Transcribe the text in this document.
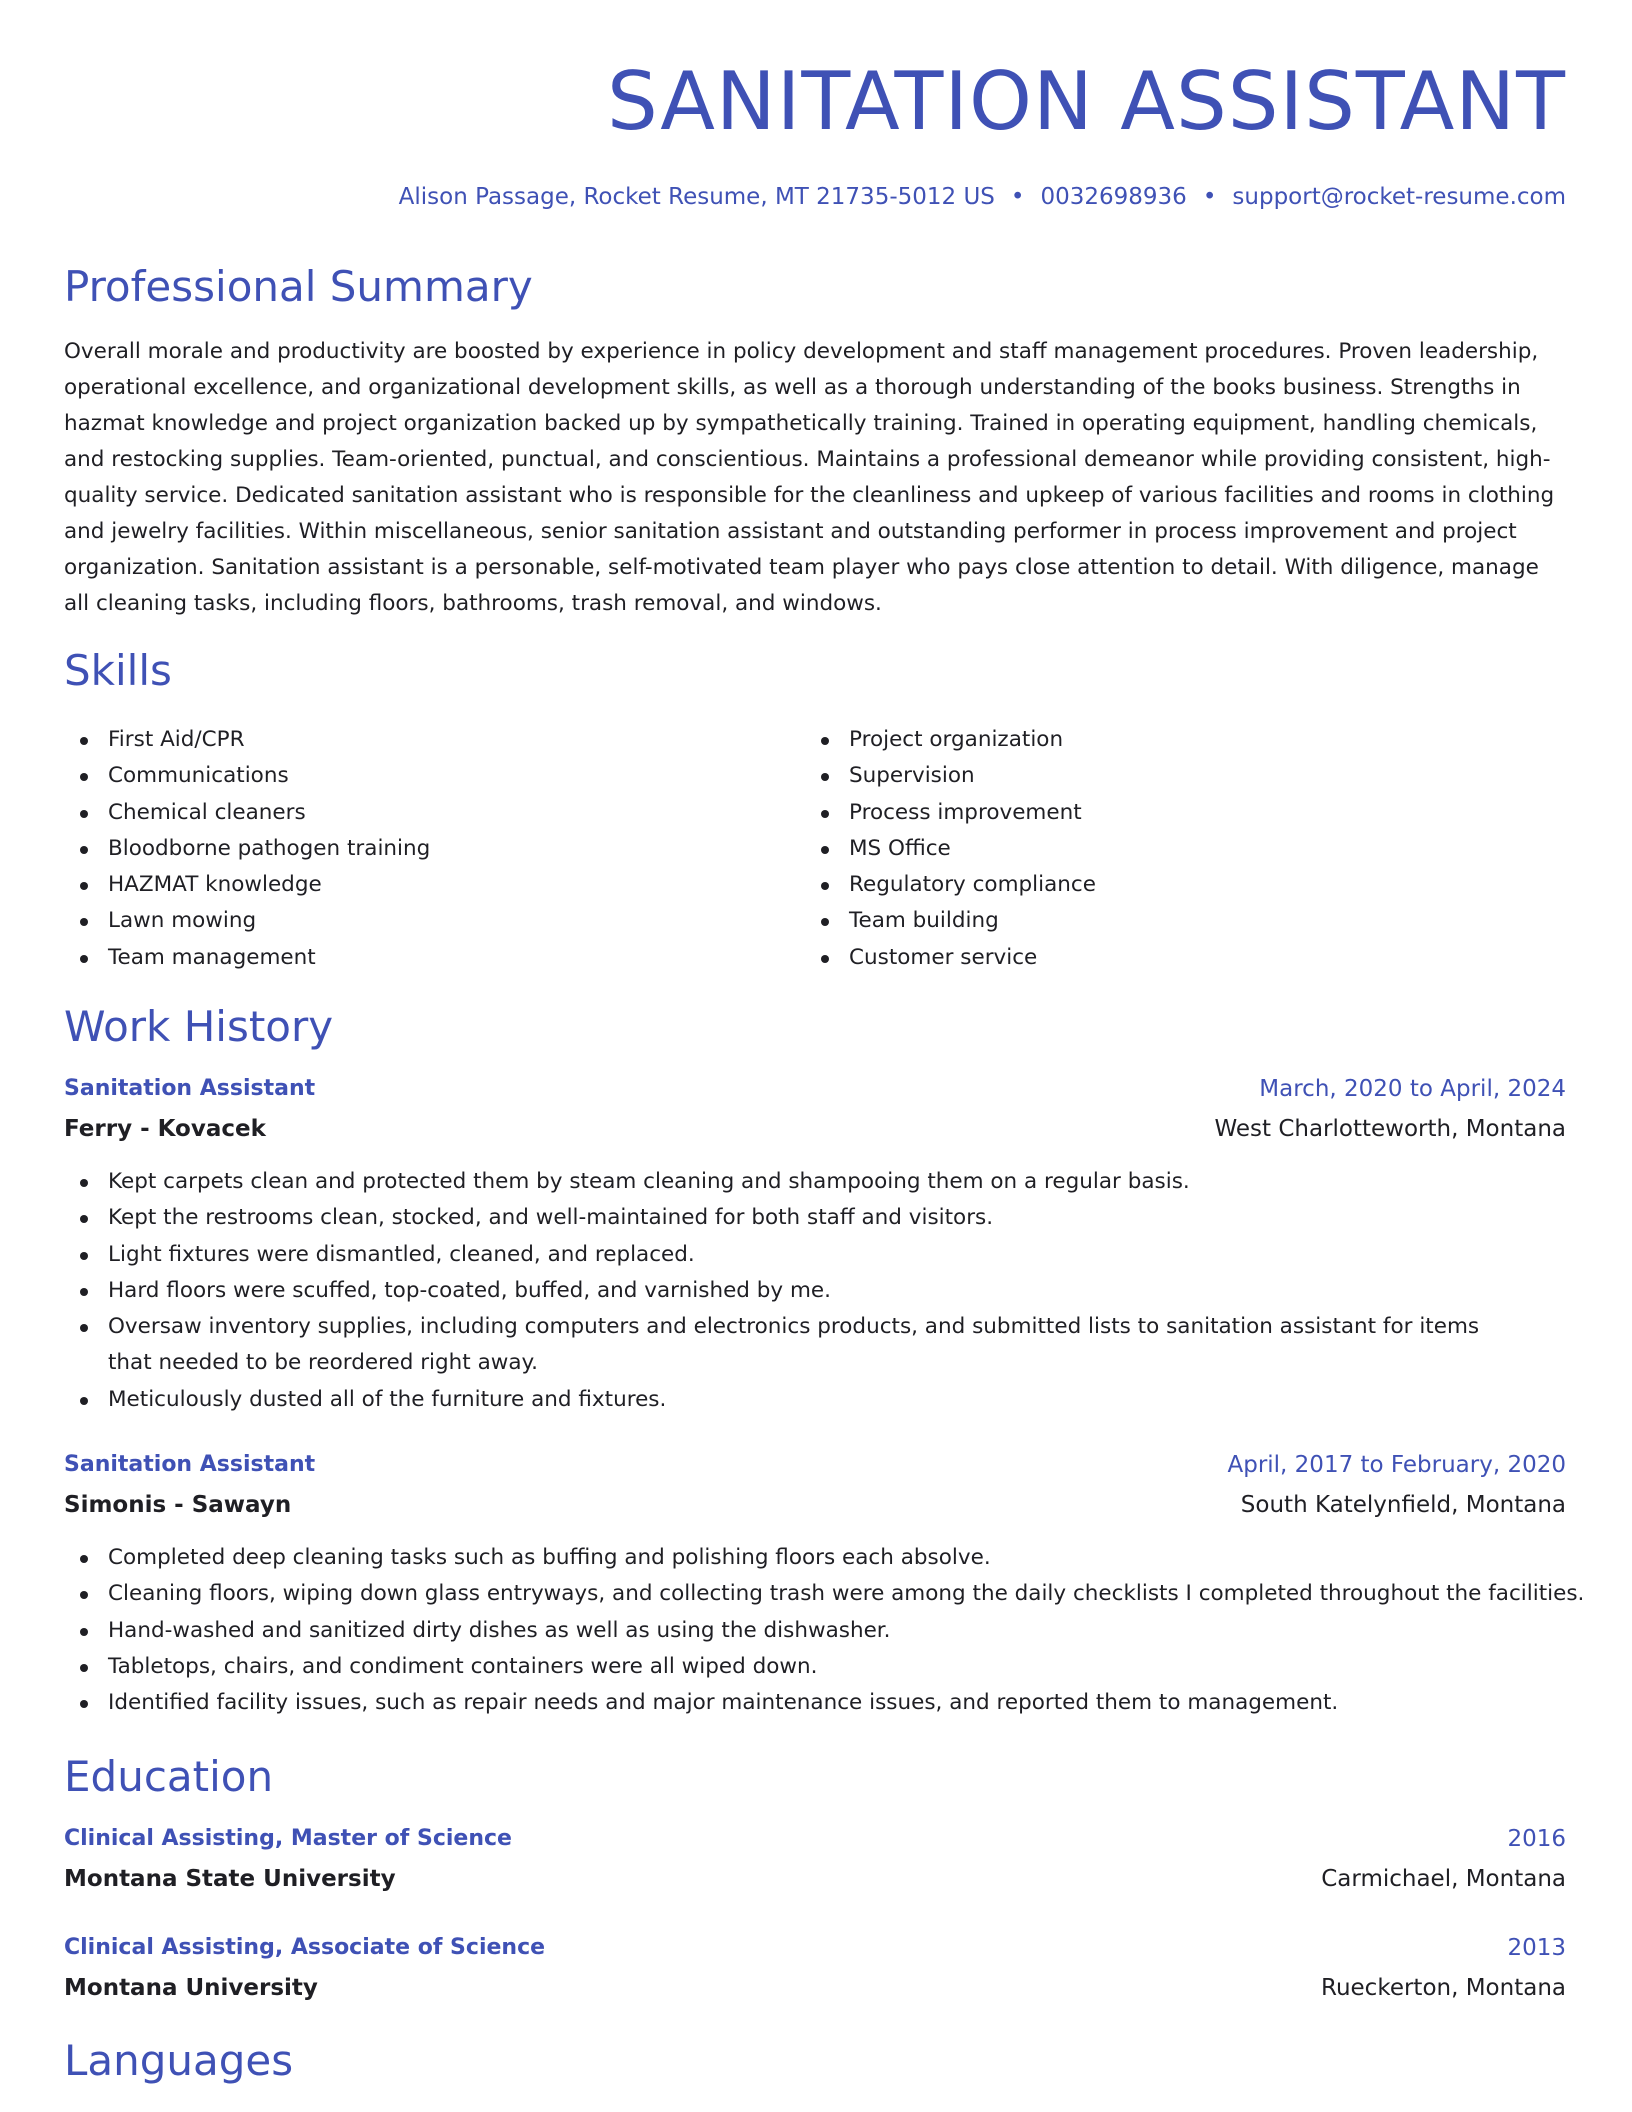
SANITATION ASSISTANT
Alison Passage, Rocket Resume, MT 21735-5012 US • 0032698936 • support@rocket-resume.com
Professional Summary

Overall morale and productivity are boosted by experience in policy development and staff management procedures. Proven leadership, operational excellence, and organizational development skills, as well as a thorough understanding of the books business. Strengths in hazmat knowledge and project organization backed up by sympathetically training. Trained in operating equipment, handling chemicals, and restocking supplies. Team-oriented, punctual, and conscientious. Maintains a professional demeanor while providing consistent, high-quality service. Dedicated sanitation assistant who is responsible for the cleanliness and upkeep of various facilities and rooms in clothing and jewelry facilities. Within miscellaneous, senior sanitation assistant and outstanding performer in process improvement and project organization. Sanitation assistant is a personable, self-motivated team player who pays close attention to detail. With diligence, manage all cleaning tasks, including floors, bathrooms, trash removal, and windows.

Skills
First Aid/CPR
Communications
Chemical cleaners
Bloodborne pathogen training
HAZMAT knowledge
Lawn mowing
Team management
Project organization
Supervision
Process improvement
MS Office
Regulatory compliance
Team building
Customer service
Work History
Sanitation Assistant	March, 2020 to April, 2024
Ferry - Kovacek	West Charlotteworth, Montana
Kept carpets clean and protected them by steam cleaning and shampooing them on a regular basis.
Kept the restrooms clean, stocked, and well-maintained for both staff and visitors.
Light fixtures were dismantled, cleaned, and replaced.
Hard floors were scuffed, top-coated, buffed, and varnished by me.
Oversaw inventory supplies, including computers and electronics products, and submitted lists to sanitation assistant for items that needed to be reordered right away.
Meticulously dusted all of the furniture and fixtures.
Sanitation Assistant	April, 2017 to February, 2020
Simonis - Sawayn	South Katelynfield, Montana
Completed deep cleaning tasks such as buffing and polishing floors each absolve.
Cleaning floors, wiping down glass entryways, and collecting trash were among the daily checklists I completed throughout the facilities.
Hand-washed and sanitized dirty dishes as well as using the dishwasher.
Tabletops, chairs, and condiment containers were all wiped down.
Identified facility issues, such as repair needs and major maintenance issues, and reported them to management.
Education
Clinical Assisting, Master of Science	2016
Montana State University	Carmichael, Montana
Clinical Assisting, Associate of Science	2013
Montana University	Rueckerton, Montana
Languages
